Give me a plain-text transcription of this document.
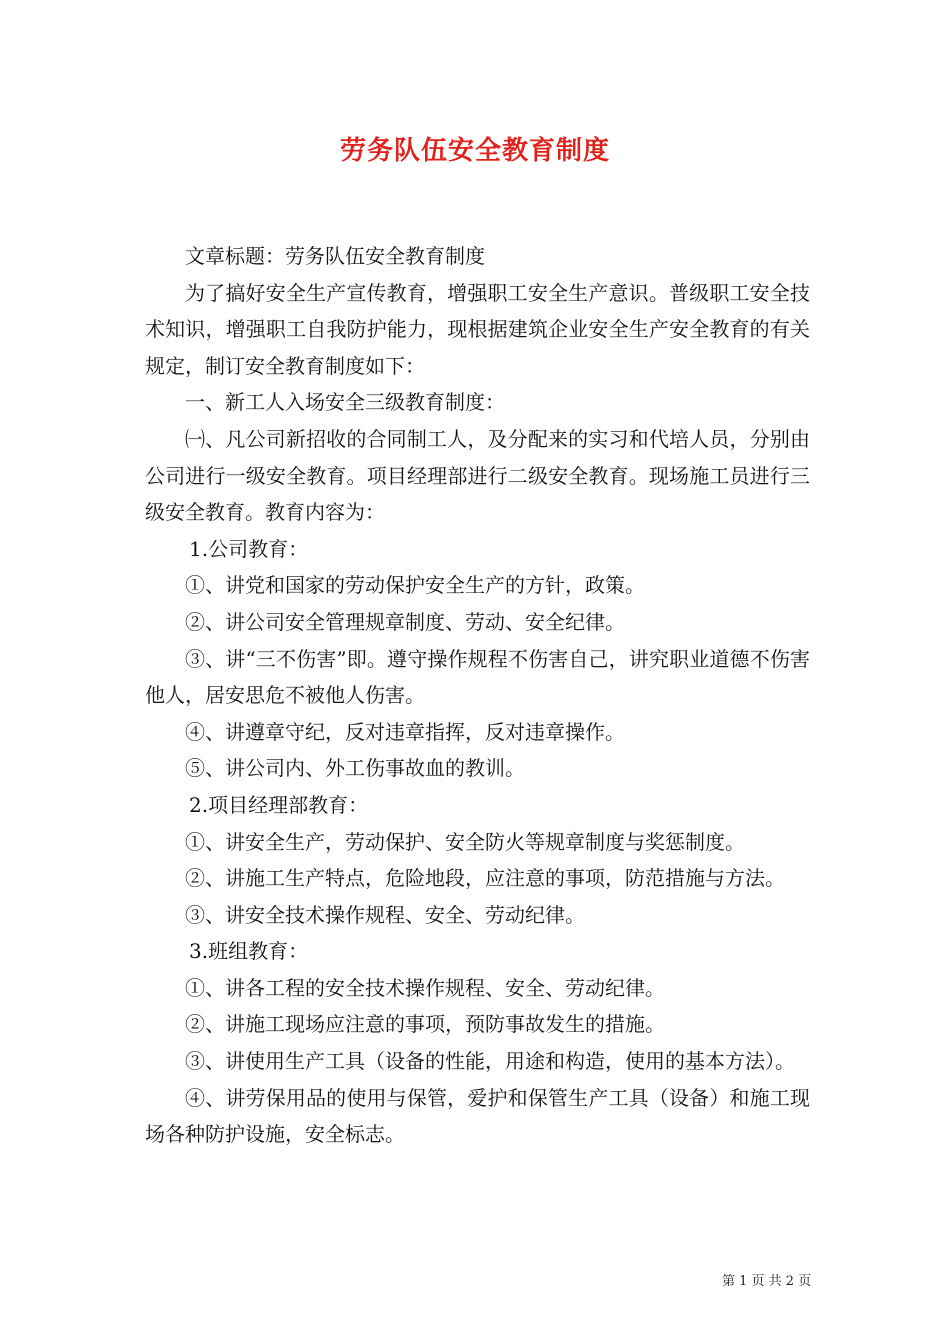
劳务队伍安全教育制度

文章标题：劳务队伍安全教育制度

为了搞好安全生产宣传教育，增强职工安全生产意识。普级职工安全技术知识，增强职工自我防护能力，现根据建筑企业安全生产安全教育的有关规定，制订安全教育制度如下：

一、新工人入场安全三级教育制度：

㈠、凡公司新招收的合同制工人，及分配来的实习和代培人员，分别由公司进行一级安全教育。项目经理部进行二级安全教育。现场施工员进行三级安全教育。教育内容为：

1.公司教育：

①、讲党和国家的劳动保护安全生产的方针，政策。

②、讲公司安全管理规章制度、劳动、安全纪律。

③、讲“三不伤害”即。遵守操作规程不伤害自己，讲究职业道德不伤害他人，居安思危不被他人伤害。

④、讲遵章守纪，反对违章指挥，反对违章操作。

⑤、讲公司内、外工伤事故血的教训。

2.项目经理部教育：

①、讲安全生产，劳动保护、安全防火等规章制度与奖惩制度。

②、讲施工生产特点，危险地段，应注意的事项，防范措施与方法。

③、讲安全技术操作规程、安全、劳动纪律。

3.班组教育：

①、讲各工程的安全技术操作规程、安全、劳动纪律。

②、讲施工现场应注意的事项，预防事故发生的措施。

③、讲使用生产工具（设备的性能，用途和构造，使用的基本方法）。

④、讲劳保用品的使用与保管，爱护和保管生产工具（设备）和施工现场各种防护设施，安全标志。

第 1 页 共 2 页
